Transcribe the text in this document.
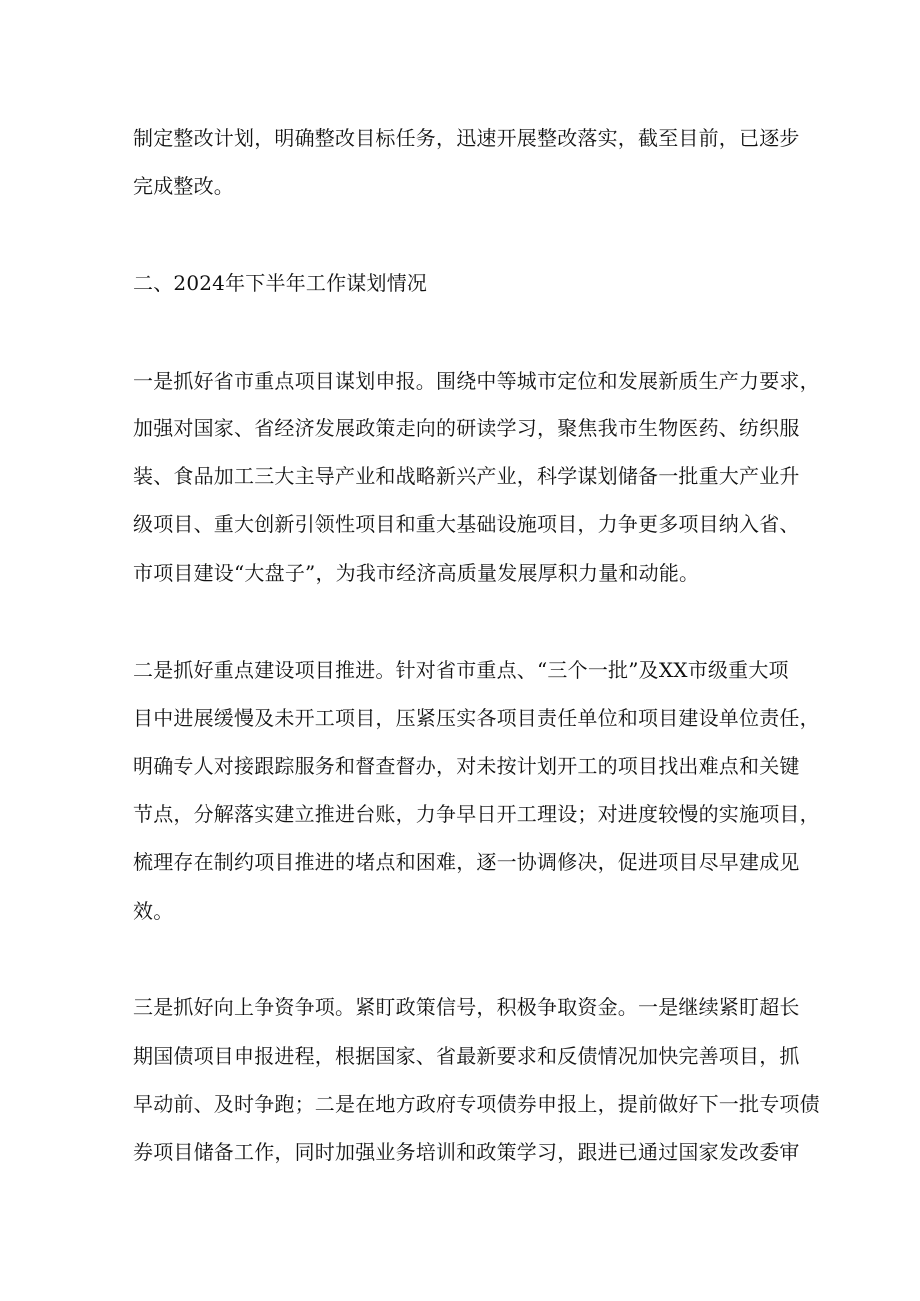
制定整改计划，明确整改目标任务，迅速开展整改落实，截至目前，已逐步
完成整改。
二、2024年下半年工作谋划情况
一是抓好省市重点项目谋划申报。围绕中等城市定位和发展新质生产力要求，
加强对国家、省经济发展政策走向的研读学习，聚焦我市生物医药、纺织服
装、食品加工三大主导产业和战略新兴产业，科学谋划储备一批重大产业升
级项目、重大创新引领性项目和重大基础设施项目，力争更多项目纳入省、
市项目建设“大盘子”，为我市经济高质量发展厚积力量和动能。
二是抓好重点建设项目推进。针对省市重点、“三个一批”及XX市级重大项
目中进展缓慢及未开工项目，压紧压实各项目责任单位和项目建设单位责任，
明确专人对接跟踪服务和督查督办，对未按计划开工的项目找出难点和关键
节点，分解落实建立推进台账，力争早日开工理设；对进度较慢的实施项目，
梳理存在制约项目推进的堵点和困难，逐一协调修决，促进项目尽早建成见
效。
三是抓好向上争资争项。紧盯政策信号，积极争取资金。一是继续紧盯超长
期国债项目申报进程，根据国家、省最新要求和反债情况加快完善项目，抓
早动前、及时争跑；二是在地方政府专项债券申报上，提前做好下一批专项债
券项目储备工作，同时加强业务培训和政策学习，跟进已通过国家发改委审
